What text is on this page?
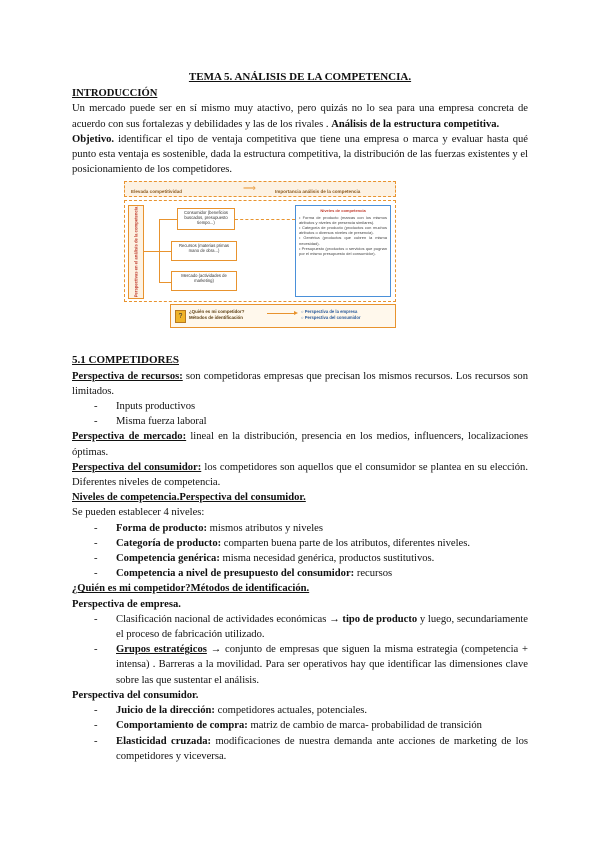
TEMA 5. ANÁLISIS DE LA COMPETENCIA.
INTRODUCCIÓN

Un mercado puede ser en sí mismo muy atactivo, pero quizás no lo sea para una empresa concreta de acuerdo con sus fortalezas y debilidades y las de los rivales . Análisis de la estructura competitiva.

Objetivo. identificar el tipo de ventaja competitiva que tiene una empresa o marca y evaluar hasta qué punto esta ventaja es sostenible, dada la estructura competitiva, la distribución de las fuerzas existentes y el posicionamiento de los competidores.

Elevada competitividad	⟹	Importancia análisis de la competencia
Perspectivas en el análisis de la competencia	Consumidor (beneficios buscados, presupuesto tiempo...)
Recursos (materias primas mano de obra...)
Mercado (actividades de marketing)
Niveles de competencia
• Forma de producto (marcas con los mismos atributos y niveles de presencia similares).
• Categoría de producto (productos con muchos atributos o diversos niveles de presencia).
• Genérica (productos que cubren la misma necesidad).
• Presupuesto (productos o servicios que pugnan por el mismo presupuesto del consumidor).
?
¿Quién es mi competidor?
Métodos de identificación
○ Perspectiva de la empresa
○ Perspectiva del consumidor
5.1 COMPETIDORES

Perspectiva de recursos: son competidoras empresas que precisan los mismos recursos. Los recursos son limitados.

- Inputs productivos
- Misma fuerza laboral

Perspectiva de mercado: lineal en la distribución, presencia en los medios, influencers, localizaciones óptimas.

Perspectiva del consumidor: los competidores son aquellos que el consumidor se plantea en su elección. Diferentes niveles de competencia.

Niveles de competencia.Perspectiva del consumidor.
Se pueden establecer 4 niveles:
- Forma de producto: mismos atributos y niveles
- Categoría de producto: comparten buena parte de los atributos, diferentes niveles.
- Competencia genérica: misma necesidad genérica, productos sustitutivos.
- Competencia a nivel de presupuesto del consumidor: recursos
¿Quién es mi competidor?Métodos de identificación.
Perspectiva de empresa.
- Clasificación nacional de actividades económicas → tipo de producto y luego, secundariamente el proceso de fabricación utilizado.
- Grupos estratégicos → conjunto de empresas que siguen la misma estrategia (competencia + intensa) . Barreras a la movilidad. Para ser operativos hay que identificar las dimensiones clave sobre las que sustentar el análisis.
Perspectiva del consumidor.
- Juicio de la dirección: competidores actuales, potenciales.
- Comportamiento de compra: matriz de cambio de marca- probabilidad de transición
- Elasticidad cruzada: modificaciones de nuestra demanda ante acciones de marketing de los competidores y viceversa.
